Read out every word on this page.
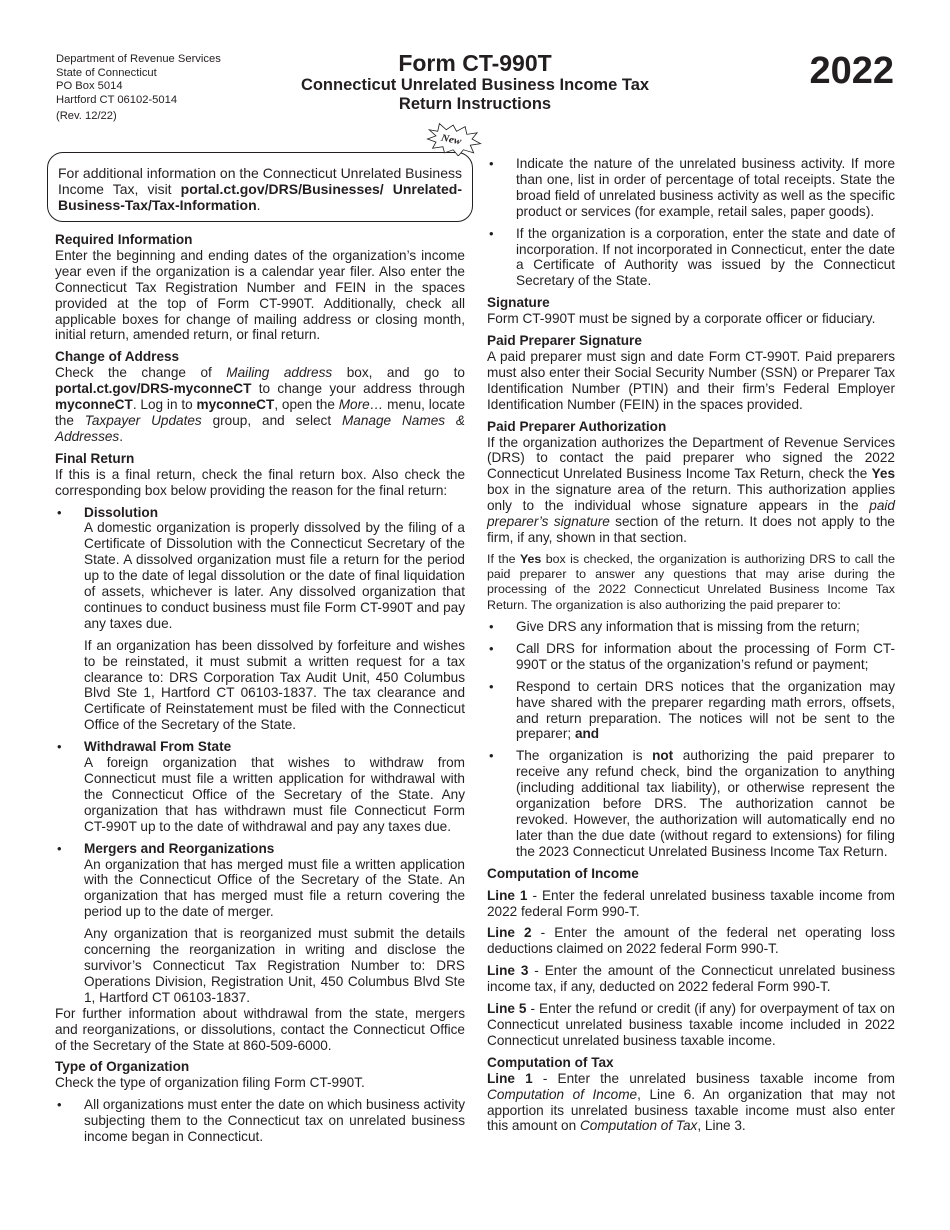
Department of Revenue Services
State of Connecticut
PO Box 5014
Hartford CT 06102-5014
(Rev. 12/22)
Form CT-990T
Connecticut Unrelated Business Income Tax
Return Instructions
2022
For additional information on the Connecticut Unrelated Business Income Tax, visit portal.ct.gov/DRS/Businesses/ Unrelated-Business-Tax/Tax-Information.
New
Required Information
Enter the beginning and ending dates of the organization’s income year even if the organization is a calendar year filer. Also enter the Connecticut Tax Registration Number and FEIN in the spaces provided at the top of Form CT-990T. Additionally, check all applicable boxes for change of mailing address or closing month, initial return, amended return, or final return.
Change of Address
Check the change of Mailing address box, and go to portal.ct.gov/DRS-myconneCT to change your address through myconneCT. Log in to myconneCT, open the More… menu, locate the Taxpayer Updates group, and select Manage Names & Addresses.
Final Return
If this is a final return, check the final return box. Also check the corresponding box below providing the reason for the final return:
• Dissolution
A domestic organization is properly dissolved by the filing of a Certificate of Dissolution with the Connecticut Secretary of the State. A dissolved organization must file a return for the period up to the date of legal dissolution or the date of final liquidation of assets, whichever is later. Any dissolved organization that continues to conduct business must file Form CT-990T and pay any taxes due.
If an organization has been dissolved by forfeiture and wishes to be reinstated, it must submit a written request for a tax clearance to: DRS Corporation Tax Audit Unit, 450 Columbus Blvd Ste 1, Hartford CT 06103-1837. The tax clearance and Certificate of Reinstatement must be filed with the Connecticut Office of the Secretary of the State.
• Withdrawal From State
A foreign organization that wishes to withdraw from Connecticut must file a written application for withdrawal with the Connecticut Office of the Secretary of the State. Any organization that has withdrawn must file Connecticut Form CT-990T up to the date of withdrawal and pay any taxes due.
• Mergers and Reorganizations
An organization that has merged must file a written application with the Connecticut Office of the Secretary of the State. An organization that has merged must file a return covering the period up to the date of merger.
Any organization that is reorganized must submit the details concerning the reorganization in writing and disclose the survivor’s Connecticut Tax Registration Number to: DRS Operations Division, Registration Unit, 450 Columbus Blvd Ste 1, Hartford CT 06103-1837.
For further information about withdrawal from the state, mergers and reorganizations, or dissolutions, contact the Connecticut Office of the Secretary of the State at 860-509-6000.
Type of Organization
Check the type of organization filing Form CT-990T.
• All organizations must enter the date on which business activity subjecting them to the Connecticut tax on unrelated business income began in Connecticut.
• Indicate the nature of the unrelated business activity. If more than one, list in order of percentage of total receipts. State the broad field of unrelated business activity as well as the specific product or services (for example, retail sales, paper goods).
• If the organization is a corporation, enter the state and date of incorporation. If not incorporated in Connecticut, enter the date a Certificate of Authority was issued by the Connecticut Secretary of the State.
Signature
Form CT-990T must be signed by a corporate officer or fiduciary.
Paid Preparer Signature
A paid preparer must sign and date Form CT-990T. Paid preparers must also enter their Social Security Number (SSN) or Preparer Tax Identification Number (PTIN) and their firm’s Federal Employer Identification Number (FEIN) in the spaces provided.
Paid Preparer Authorization
If the organization authorizes the Department of Revenue Services (DRS) to contact the paid preparer who signed the 2022 Connecticut Unrelated Business Income Tax Return, check the Yes box in the signature area of the return. This authorization applies only to the individual whose signature appears in the paid preparer’s signature section of the return. It does not apply to the firm, if any, shown in that section.
If the Yes box is checked, the organization is authorizing DRS to call the paid preparer to answer any questions that may arise during the processing of the 2022 Connecticut Unrelated Business Income Tax Return. The organization is also authorizing the paid preparer to:
• Give DRS any information that is missing from the return;
• Call DRS for information about the processing of Form CT-990T or the status of the organization’s refund or payment;
• Respond to certain DRS notices that the organization may have shared with the preparer regarding math errors, offsets, and return preparation. The notices will not be sent to the preparer; and
• The organization is not authorizing the paid preparer to receive any refund check, bind the organization to anything (including additional tax liability), or otherwise represent the organization before DRS. The authorization cannot be revoked. However, the authorization will automatically end no later than the due date (without regard to extensions) for filing the 2023 Connecticut Unrelated Business Income Tax Return.
Computation of Income
Line 1 - Enter the federal unrelated business taxable income from 2022 federal Form 990-T.
Line 2 - Enter the amount of the federal net operating loss deductions claimed on 2022 federal Form 990-T.
Line 3 - Enter the amount of the Connecticut unrelated business income tax, if any, deducted on 2022 federal Form 990-T.
Line 5 - Enter the refund or credit (if any) for overpayment of tax on Connecticut unrelated business taxable income included in 2022 Connecticut unrelated business taxable income.
Computation of Tax
Line 1 - Enter the unrelated business taxable income from Computation of Income, Line 6. An organization that may not apportion its unrelated business taxable income must also enter this amount on Computation of Tax, Line 3.
